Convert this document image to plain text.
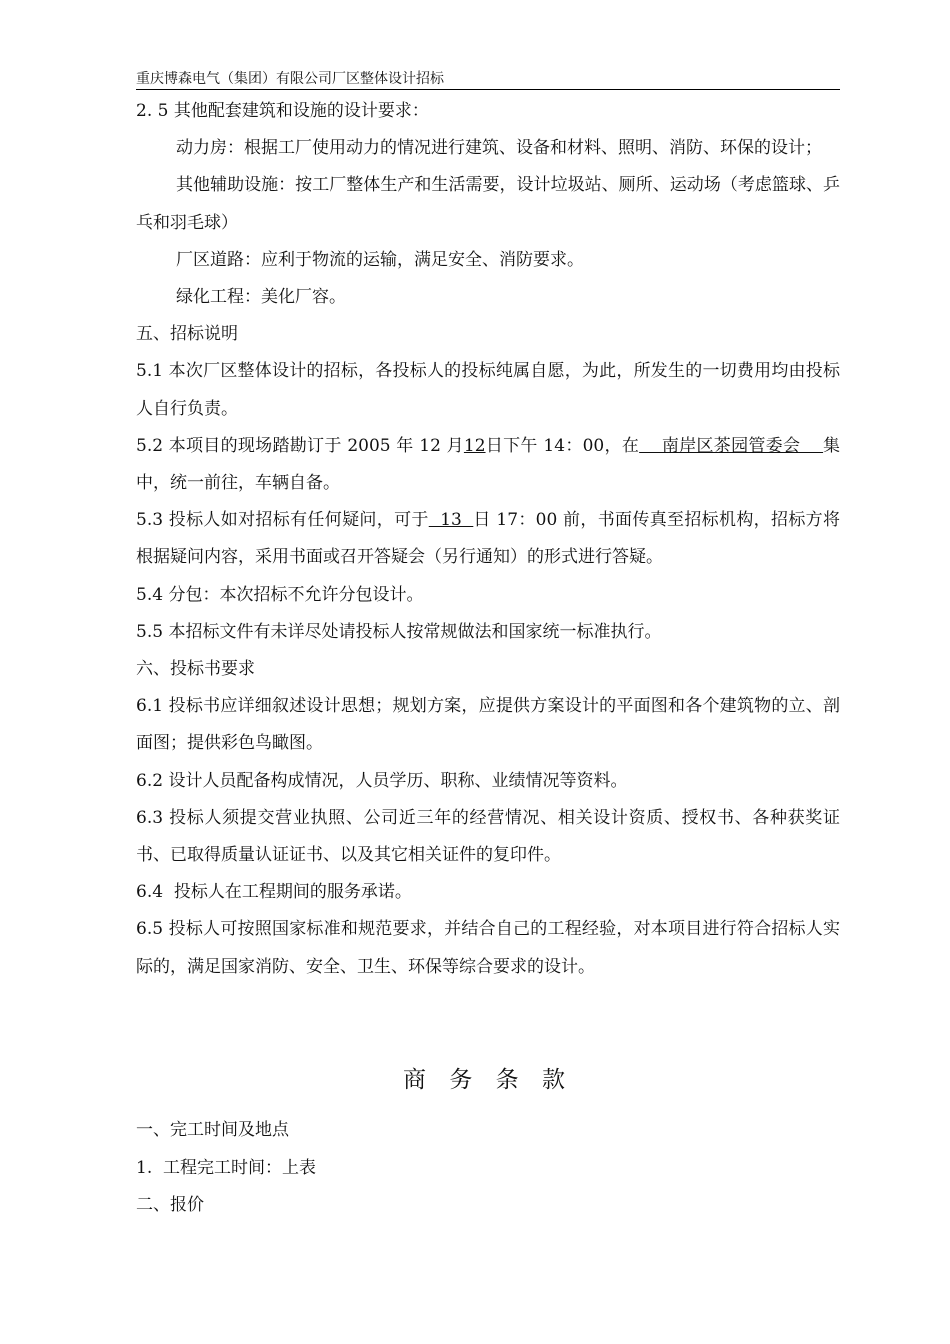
重庆博森电气（集团）有限公司厂区整体设计招标

2. 5 其他配套建筑和设施的设计要求：

动力房：根据工厂使用动力的情况进行建筑、设备和材料、照明、消防、环保的设计；

其他辅助设施：按工厂整体生产和生活需要，设计垃圾站、厕所、运动场（考虑篮球、乒乓和羽毛球）

厂区道路：应利于物流的运输，满足安全、消防要求。

绿化工程：美化厂容。

五、招标说明

5.1 本次厂区整体设计的招标，各投标人的投标纯属自愿，为此，所发生的一切费用均由投标人自行负责。

5.2 本项目的现场踏勘订于 2005 年 12 月12日下午 14：00，在    南岸区茶园管委会    集中，统一前往，车辆自备。

5.3 投标人如对招标有任何疑问，可于  13  日 17：00 前，书面传真至招标机构，招标方将根据疑问内容，采用书面或召开答疑会（另行通知）的形式进行答疑。

5.4 分包：本次招标不允许分包设计。

5.5 本招标文件有未详尽处请投标人按常规做法和国家统一标准执行。

六、投标书要求

6.1 投标书应详细叙述设计思想；规划方案，应提供方案设计的平面图和各个建筑物的立、剖面图；提供彩色鸟瞰图。

6.2 设计人员配备构成情况，人员学历、职称、业绩情况等资料。

6.3 投标人须提交营业执照、公司近三年的经营情况、相关设计资质、授权书、各种获奖证书、已取得质量认证证书、以及其它相关证件的复印件。

6.4  投标人在工程期间的服务承诺。

6.5 投标人可按照国家标准和规范要求，并结合自己的工程经验，对本项目进行符合招标人实际的，满足国家消防、安全、卫生、环保等综合要求的设计。

商 务 条 款

一、完工时间及地点

1.  工程完工时间：上表

二、报价
